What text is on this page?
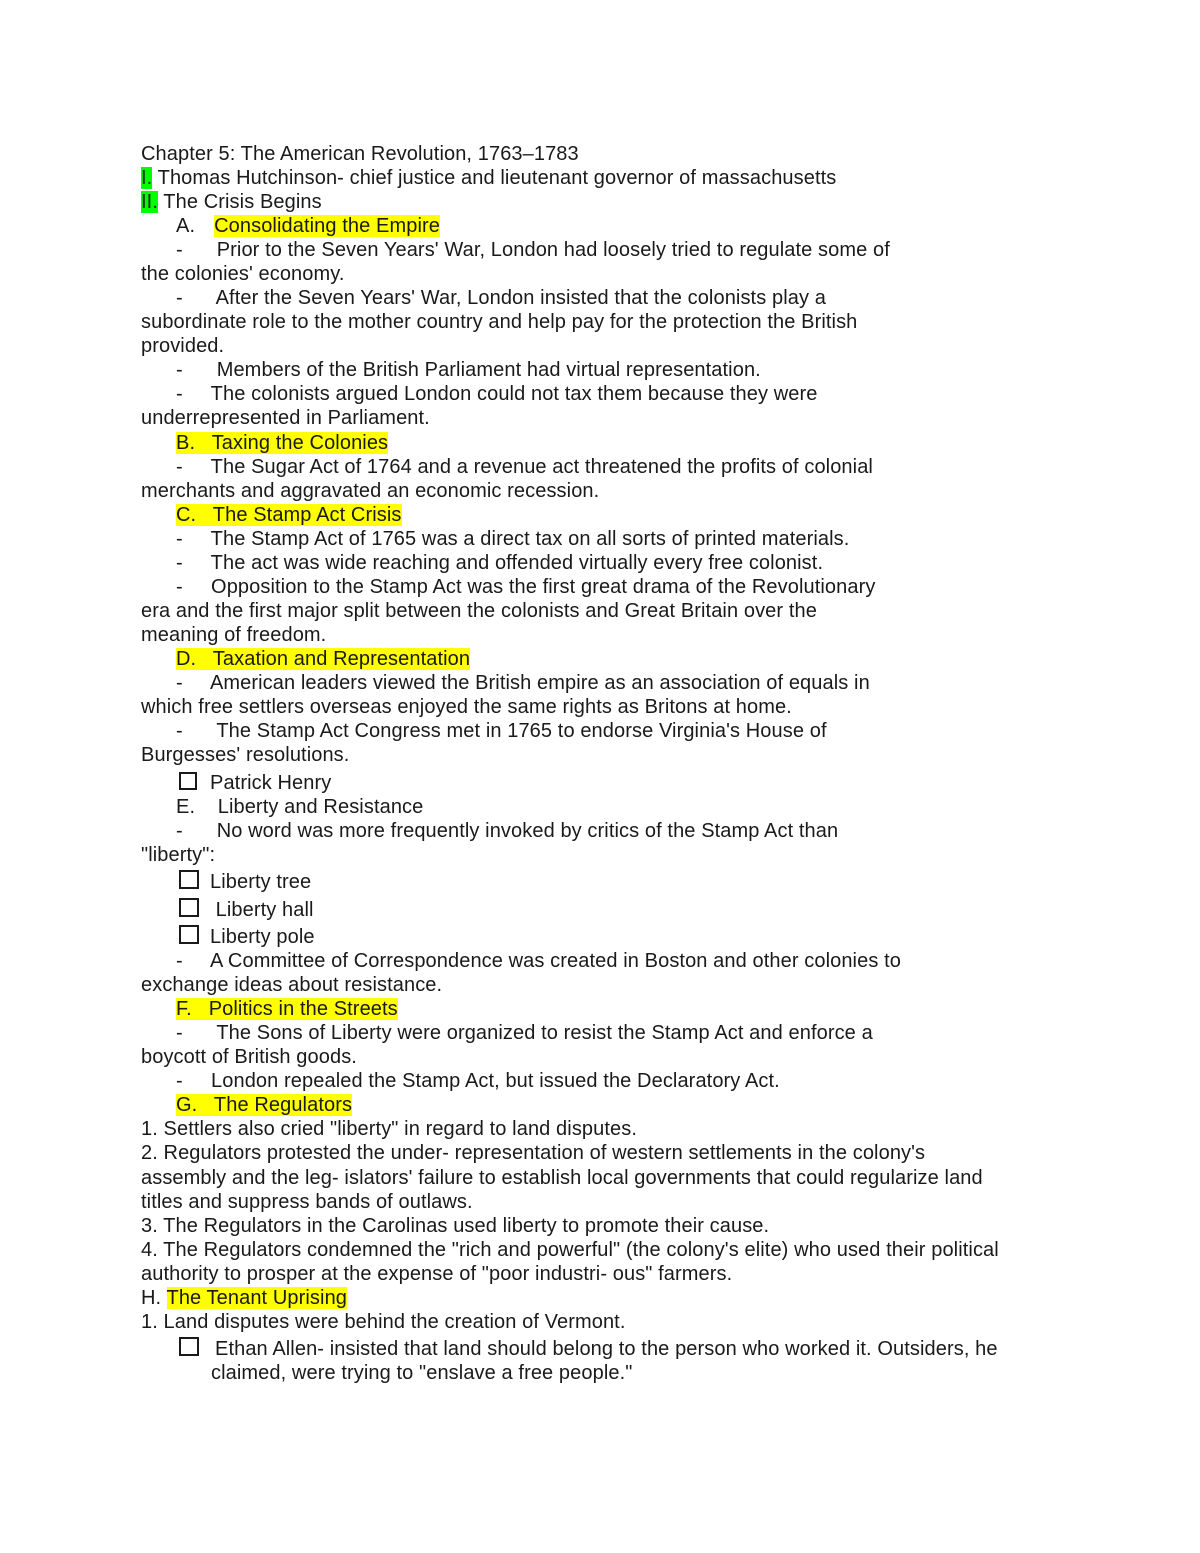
Chapter 5: The American Revolution, 1763–1783
I. Thomas Hutchinson- chief justice and lieutenant governor of massachusetts
II. The Crisis Begins
A. Consolidating the Empire
-      Prior to the Seven Years' War, London had loosely tried to regulate some of
the colonies' economy.
-      After the Seven Years' War, London insisted that the colonists play a
subordinate role to the mother country and help pay for the protection the British
provided.
-      Members of the British Parliament had virtual representation.
-     The colonists argued London could not tax them because they were
underrepresented in Parliament.
B.   Taxing the Colonies
-     The Sugar Act of 1764 and a revenue act threatened the profits of colonial
merchants and aggravated an economic recession.
C.   The Stamp Act Crisis
-     The Stamp Act of 1765 was a direct tax on all sorts of printed materials.
-     The act was wide reaching and offended virtually every free colonist.
-     Opposition to the Stamp Act was the first great drama of the Revolutionary
era and the first major split between the colonists and Great Britain over the
meaning of freedom.
D.   Taxation and Representation
-     American leaders viewed the British empire as an association of equals in
which free settlers overseas enjoyed the same rights as Britons at home.
-      The Stamp Act Congress met in 1765 to endorse Virginia's House of
Burgesses' resolutions.
Patrick Henry
E.    Liberty and Resistance
-      No word was more frequently invoked by critics of the Stamp Act than
"liberty":
Liberty tree
Liberty hall
Liberty pole
-     A Committee of Correspondence was created in Boston and other colonies to
exchange ideas about resistance.
F.   Politics in the Streets
-      The Sons of Liberty were organized to resist the Stamp Act and enforce a
boycott of British goods.
-     London repealed the Stamp Act, but issued the Declaratory Act.
G.   The Regulators
1. Settlers also cried "liberty" in regard to land disputes.
2. Regulators protested the under- representation of western settlements in the colony's
assembly and the leg- islators' failure to establish local governments that could regularize land
titles and suppress bands of outlaws.
3. The Regulators in the Carolinas used liberty to promote their cause.
4. The Regulators condemned the "rich and powerful" (the colony's elite) who used their political
authority to prosper at the expense of "poor industri- ous" farmers.
H. The Tenant Uprising
1. Land disputes were behind the creation of Vermont.
Ethan Allen- insisted that land should belong to the person who worked it. Outsiders, he
claimed, were trying to "enslave a free people."
